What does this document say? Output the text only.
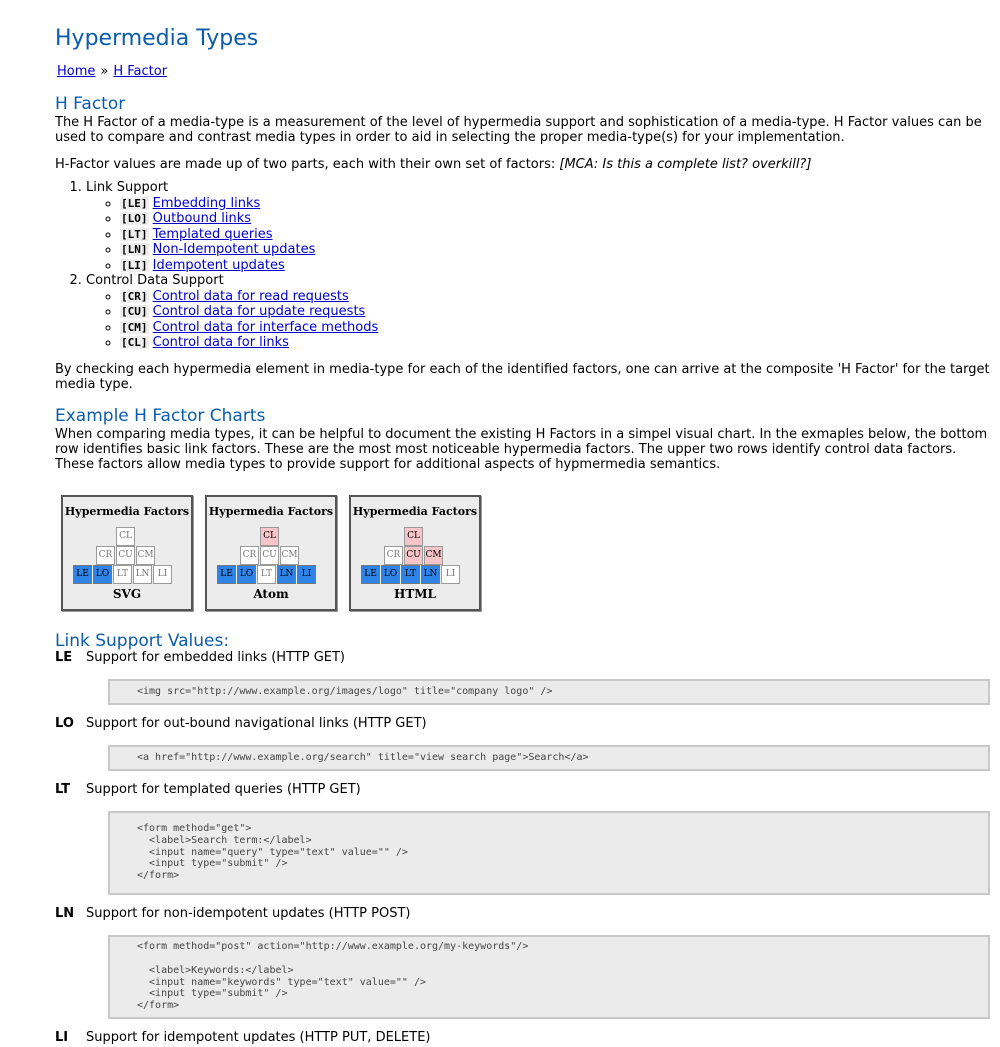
Hypermedia Types
Home » H Factor
H Factor

The H Factor of a media-type is a measurement of the level of hypermedia support and sophistication of a media-type. H Factor values can be used to compare and contrast media types in order to aid in selecting the proper media-type(s) for your implementation.

H-Factor values are made up of two parts, each with their own set of factors: [MCA: Is this a complete list? overkill?]

1. Link Support
◦ [LE] Embedding links
◦ [LO] Outbound links
◦ [LT] Templated queries
◦ [LN] Non-Idempotent updates
◦ [LI] Idempotent updates
2. Control Data Support
◦ [CR] Control data for read requests
◦ [CU] Control data for update requests
◦ [CM] Control data for interface methods
◦ [CL] Control data for links

By checking each hypermedia element in media-type for each of the identified factors, one can arrive at the composite 'H Factor' for the target media type.

Example H Factor Charts

When comparing media types, it can be helpful to document the existing H Factors in a simpel visual chart. In the exmaples below, the bottom row identifies basic link factors. These are the most most noticeable hypermedia factors. The upper two rows identify control data factors. These factors allow media types to provide support for additional aspects of hypmermedia semantics.

Hypermedia Factors
CL
CR CU CM
LE LO LT LN LI
SVG
Hypermedia Factors
CL
CR CU CM
LE LO LT LN LI
Atom
Hypermedia Factors
CL
CR CU CM
LE LO LT LN LI
HTML
Link Support Values:
LE Support for embedded links (HTTP GET)
<img src="http://www.example.org/images/logo" title="company logo" />
LO Support for out-bound navigational links (HTTP GET)
<a href="http://www.example.org/search" title="view search page">Search</a>
LT Support for templated queries (HTTP GET)
<form method="get">
<label>Search term:</label>
<input name="query" type="text" value="" />
<input type="submit" />
</form>
LN Support for non-idempotent updates (HTTP POST)
<form method="post" action="http://www.example.org/my-keywords"/>

<label>Keywords:</label>
<input name="keywords" type="text" value="" />
<input type="submit" />
</form>
LI Support for idempotent updates (HTTP PUT, DELETE)
